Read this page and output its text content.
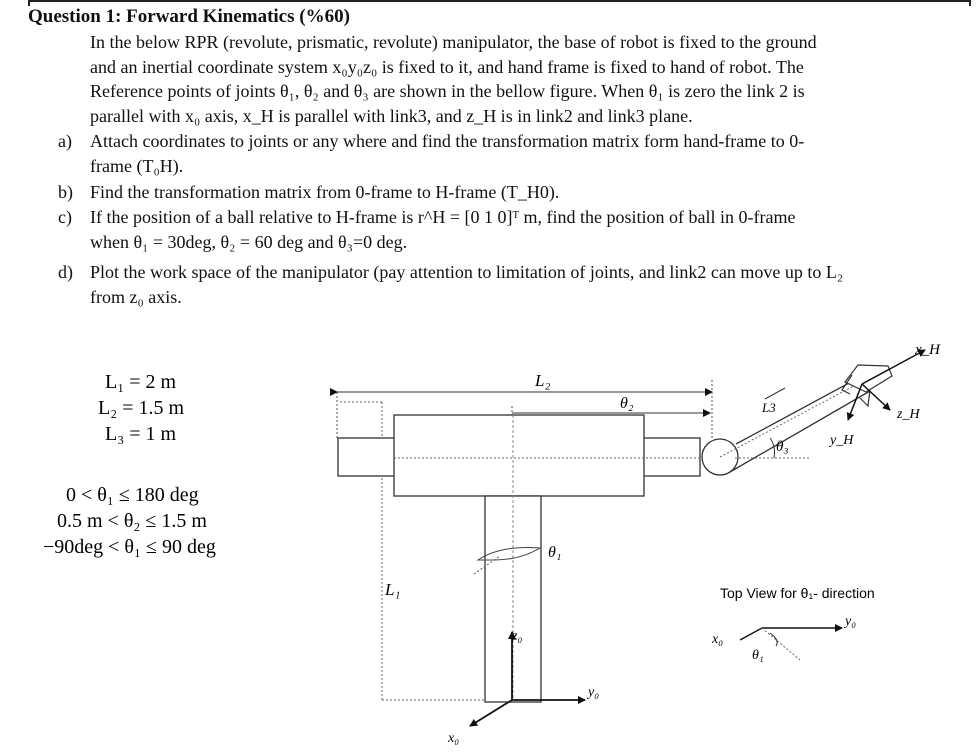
Question 1: Forward Kinematics (%60)
In the below RPR (revolute, prismatic, revolute) manipulator, the base of robot is fixed to the ground
and an inertial coordinate system x₀y₀z₀ is fixed to it, and hand frame is fixed to hand of robot. The
Reference points of joints θ₁, θ₂ and θ₃ are shown in the bellow figure. When θ₁ is zero the link 2 is
parallel with x₀ axis, x_H is parallel with link3, and z_H is in link2 and link3 plane.
a) Attach coordinates to joints or any where and find the transformation matrix form hand-frame to 0-
frame (T₀H).
b) Find the transformation matrix from 0-frame to H-frame (T_H0).
c) If the position of a ball relative to H-frame is r^H = [0 1 0]ᵀ m, find the position of ball in 0-frame
when θ₁ = 30deg, θ₂ = 60 deg and θ₃=0 deg.
d) Plot the work space of the manipulator (pay attention to limitation of joints, and link2 can move up to L₂
from z₀ axis.
L₁ = 2 m
L₂ = 1.5 m
L₃ = 1 m
0 < θ₁ ≤ 180 deg
0.5 m < θ₂ ≤ 1.5 m
−90deg < θ₁ ≤ 90 deg
L₁
L₂
θ₂
θ₁
z₀
y₀
x₀
θ₃
L3
x_H
z_H
y_H
Top View for θ₁- direction
y₀
x₀
θ₁
